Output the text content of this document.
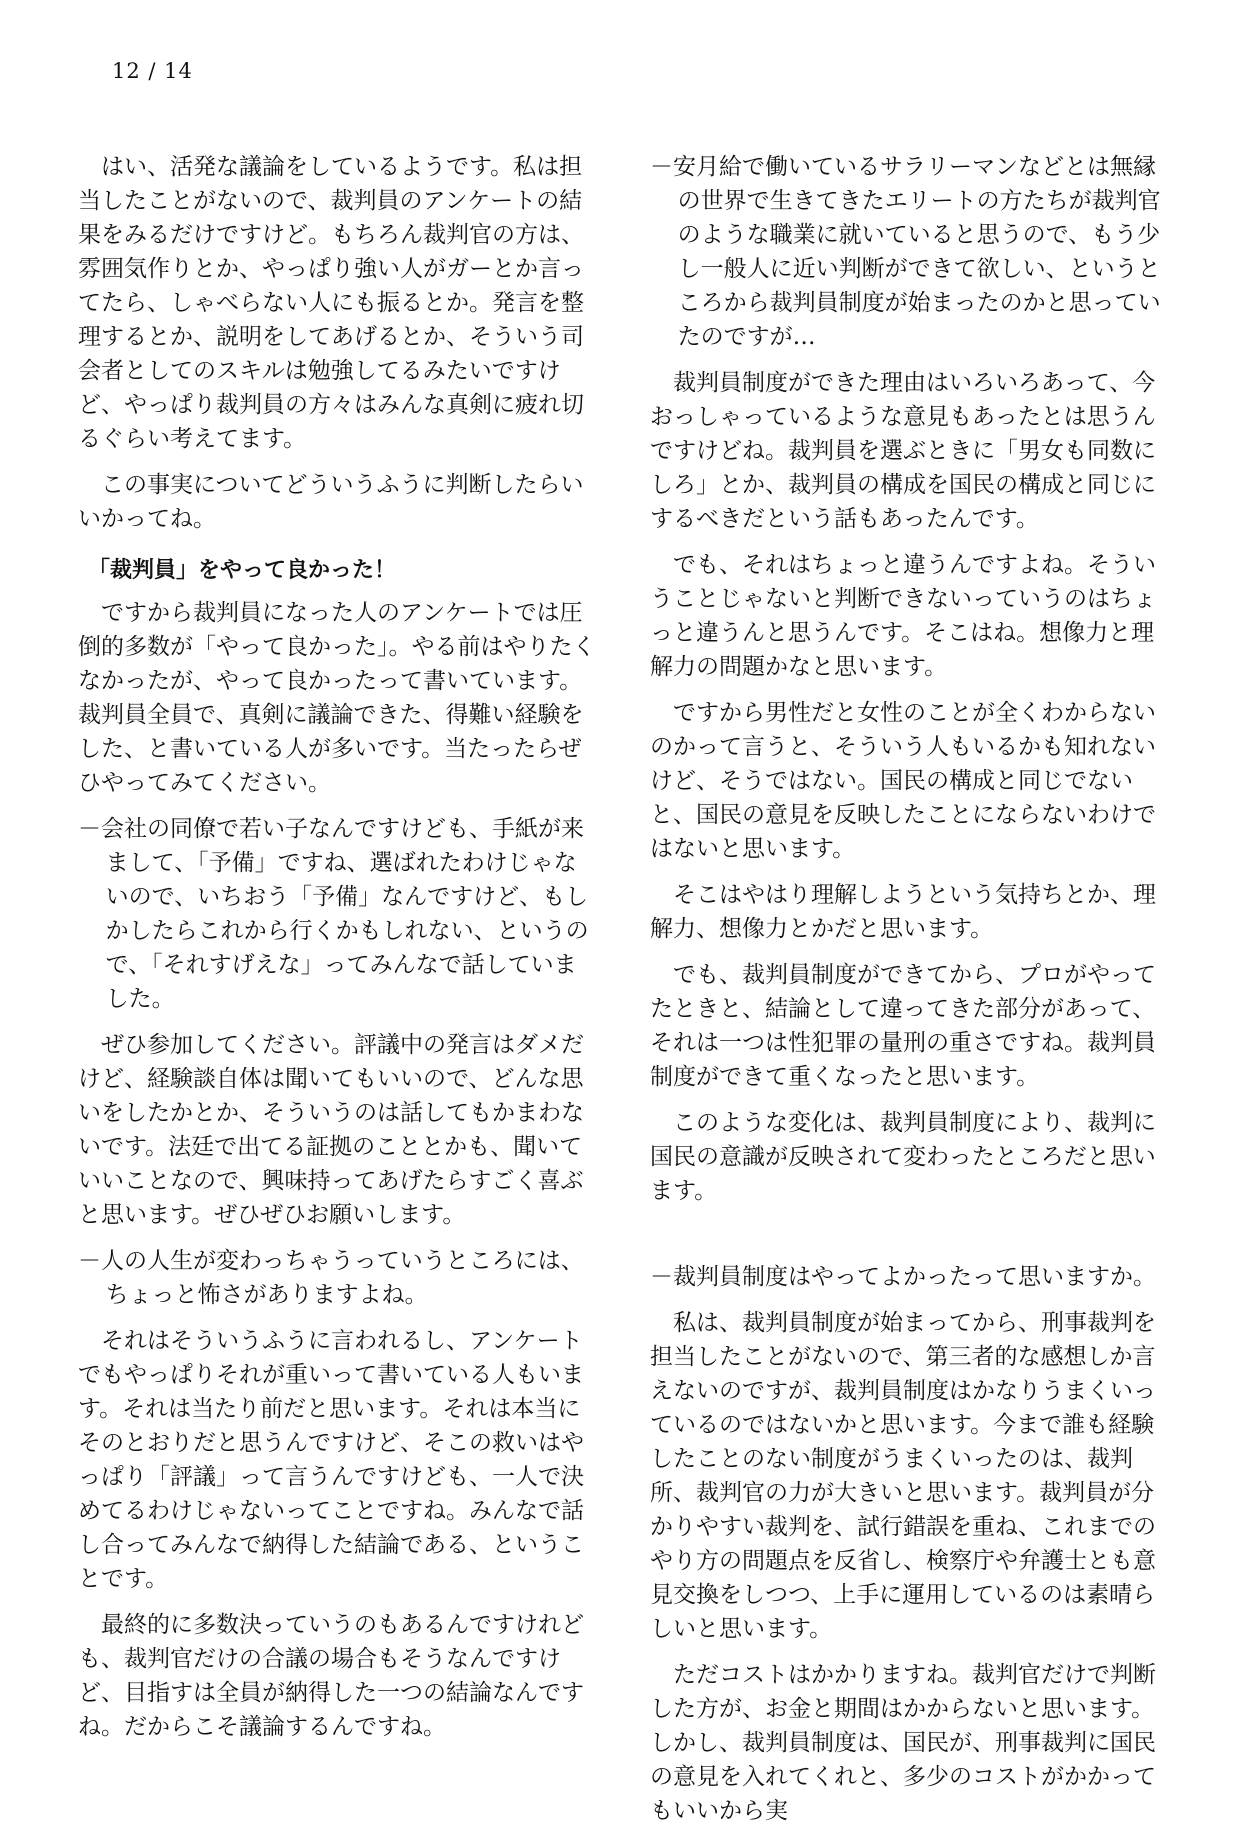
12 / 14

はい、活発な議論をしているようです。私は担当したことがないので、裁判員のアンケートの結果をみるだけですけど。もちろん裁判官の方は、雰囲気作りとか、やっぱり強い人がガーとか言ってたら、しゃべらない人にも振るとか。発言を整理するとか、説明をしてあげるとか、そういう司会者としてのスキルは勉強してるみたいですけど、やっぱり裁判員の方々はみんな真剣に疲れ切るぐらい考えてます。

この事実についてどういうふうに判断したらいいかってね。

「裁判員」をやって良かった！

ですから裁判員になった人のアンケートでは圧倒的多数が「やって良かった」。やる前はやりたくなかったが、やって良かったって書いています。裁判員全員で、真剣に議論できた、得難い経験をした、と書いている人が多いです。当たったらぜひやってみてください。

－会社の同僚で若い子なんですけども、手紙が来まして、「予備」ですね、選ばれたわけじゃないので、いちおう「予備」なんですけど、もしかしたらこれから行くかもしれない、というので、「それすげえな」ってみんなで話していました。

ぜひ参加してください。評議中の発言はダメだけど、経験談自体は聞いてもいいので、どんな思いをしたかとか、そういうのは話してもかまわないです。法廷で出てる証拠のこととかも、聞いていいことなので、興味持ってあげたらすごく喜ぶと思います。ぜひぜひお願いします。

－人の人生が変わっちゃうっていうところには、ちょっと怖さがありますよね。

それはそういうふうに言われるし、アンケートでもやっぱりそれが重いって書いている人もいます。それは当たり前だと思います。それは本当にそのとおりだと思うんですけど、そこの救いはやっぱり「評議」って言うんですけども、一人で決めてるわけじゃないってことですね。みんなで話し合ってみんなで納得した結論である、ということです。

最終的に多数決っていうのもあるんですけれども、裁判官だけの合議の場合もそうなんですけど、目指すは全員が納得した一つの結論なんですね。だからこそ議論するんですね。

－安月給で働いているサラリーマンなどとは無縁の世界で生きてきたエリートの方たちが裁判官のような職業に就いていると思うので、もう少し一般人に近い判断ができて欲しい、というところから裁判員制度が始まったのかと思っていたのですが…

裁判員制度ができた理由はいろいろあって、今おっしゃっているような意見もあったとは思うんですけどね。裁判員を選ぶときに「男女も同数にしろ」とか、裁判員の構成を国民の構成と同じにするべきだという話もあったんです。

でも、それはちょっと違うんですよね。そういうことじゃないと判断できないっていうのはちょっと違うんと思うんです。そこはね。想像力と理解力の問題かなと思います。

ですから男性だと女性のことが全くわからないのかって言うと、そういう人もいるかも知れないけど、そうではない。国民の構成と同じでないと、国民の意見を反映したことにならないわけではないと思います。

そこはやはり理解しようという気持ちとか、理解力、想像力とかだと思います。

でも、裁判員制度ができてから、プロがやってたときと、結論として違ってきた部分があって、それは一つは性犯罪の量刑の重さですね。裁判員制度ができて重くなったと思います。

このような変化は、裁判員制度により、裁判に国民の意識が反映されて変わったところだと思います。

－裁判員制度はやってよかったって思いますか。

私は、裁判員制度が始まってから、刑事裁判を担当したことがないので、第三者的な感想しか言えないのですが、裁判員制度はかなりうまくいっているのではないかと思います。今まで誰も経験したことのない制度がうまくいったのは、裁判所、裁判官の力が大きいと思います。裁判員が分かりやすい裁判を、試行錯誤を重ね、これまでのやり方の問題点を反省し、検察庁や弁護士とも意見交換をしつつ、上手に運用しているのは素晴らしいと思います。

ただコストはかかりますね。裁判官だけで判断した方が、お金と期間はかからないと思います。しかし、裁判員制度は、国民が、刑事裁判に国民の意見を入れてくれと、多少のコストがかかってもいいから実
